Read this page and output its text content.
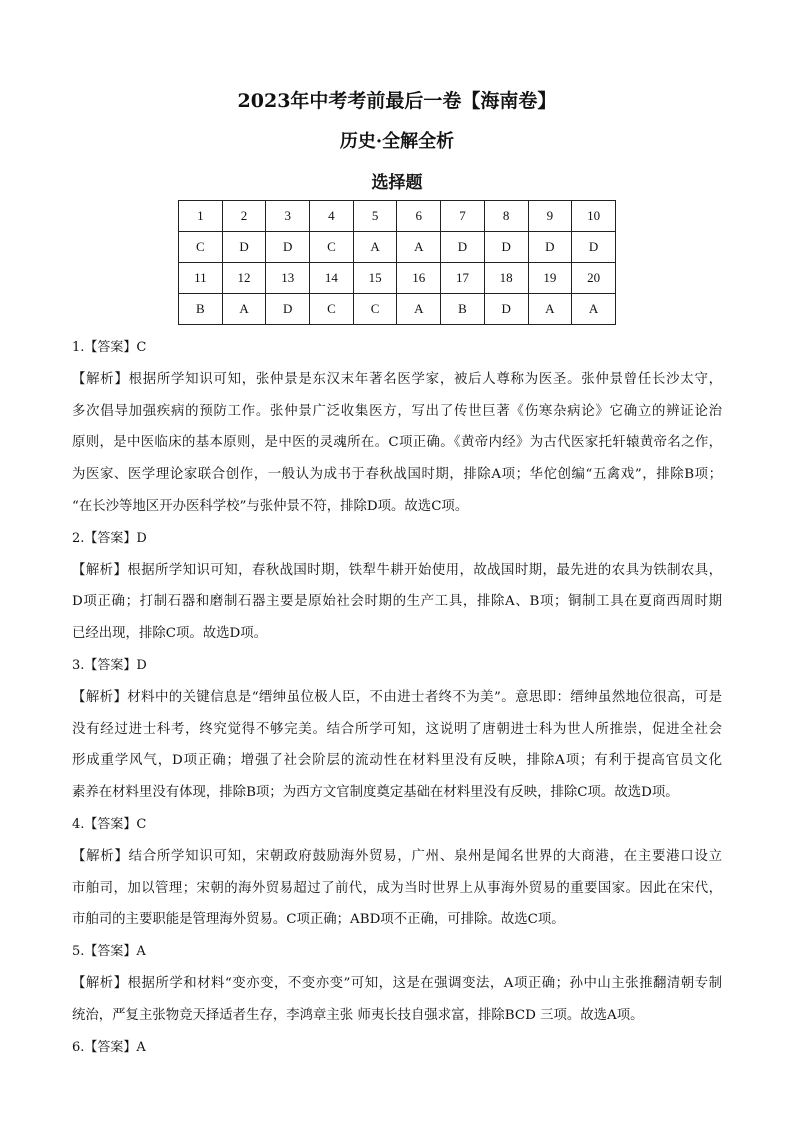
2023年中考考前最后一卷【海南卷】
历史·全解全析
选择题
1	2	3	4	5	6	7	8	9	10
C	D	D	C	A	A	D	D	D	D
11	12	13	14	15	16	17	18	19	20
B	A	D	C	C	A	B	D	A	A
1.【答案】C
【解析】根据所学知识可知，张仲景是东汉末年著名医学家，被后人尊称为医圣。张仲景曾任长沙太守，
多次倡导加强疾病的预防工作。张仲景广泛收集医方，写出了传世巨著《伤寒杂病论》它确立的辨证论治
原则，是中医临床的基本原则，是中医的灵魂所在。C项正确。《黄帝内经》为古代医家托轩辕黄帝名之作，
为医家、医学理论家联合创作，一般认为成书于春秋战国时期，排除A项；华佗创编“五禽戏”，排除B项；
“在长沙等地区开办医科学校”与张仲景不符，排除D项。故选C项。
2.【答案】D
【解析】根据所学知识可知，春秋战国时期，铁犁牛耕开始使用，故战国时期，最先进的农具为铁制农具，
D项正确；打制石器和磨制石器主要是原始社会时期的生产工具，排除A、B项；铜制工具在夏商西周时期
已经出现，排除C项。故选D项。
3.【答案】D
【解析】材料中的关键信息是“缙绅虽位极人臣，不由进士者终不为美”。意思即：缙绅虽然地位很高，可是
没有经过进士科考，终究觉得不够完美。结合所学可知，这说明了唐朝进士科为世人所推崇，促进全社会
形成重学风气，D项正确；增强了社会阶层的流动性在材料里没有反映，排除A项；有利于提高官员文化
素养在材料里没有体现，排除B项；为西方文官制度奠定基础在材料里没有反映，排除C项。故选D项。
4.【答案】C
【解析】结合所学知识可知，宋朝政府鼓励海外贸易，广州、泉州是闻名世界的大商港，在主要港口设立
市舶司，加以管理；宋朝的海外贸易超过了前代，成为当时世界上从事海外贸易的重要国家。因此在宋代，
市舶司的主要职能是管理海外贸易。C项正确；ABD项不正确，可排除。故选C项。
5.【答案】A
【解析】根据所学和材料“变亦变，不变亦变”可知，这是在强调变法，A项正确；孙中山主张推翻清朝专制
统治，严复主张物竞天择适者生存，李鸿章主张 师夷长技自强求富，排除BCD 三项。故选A项。
6.【答案】A
